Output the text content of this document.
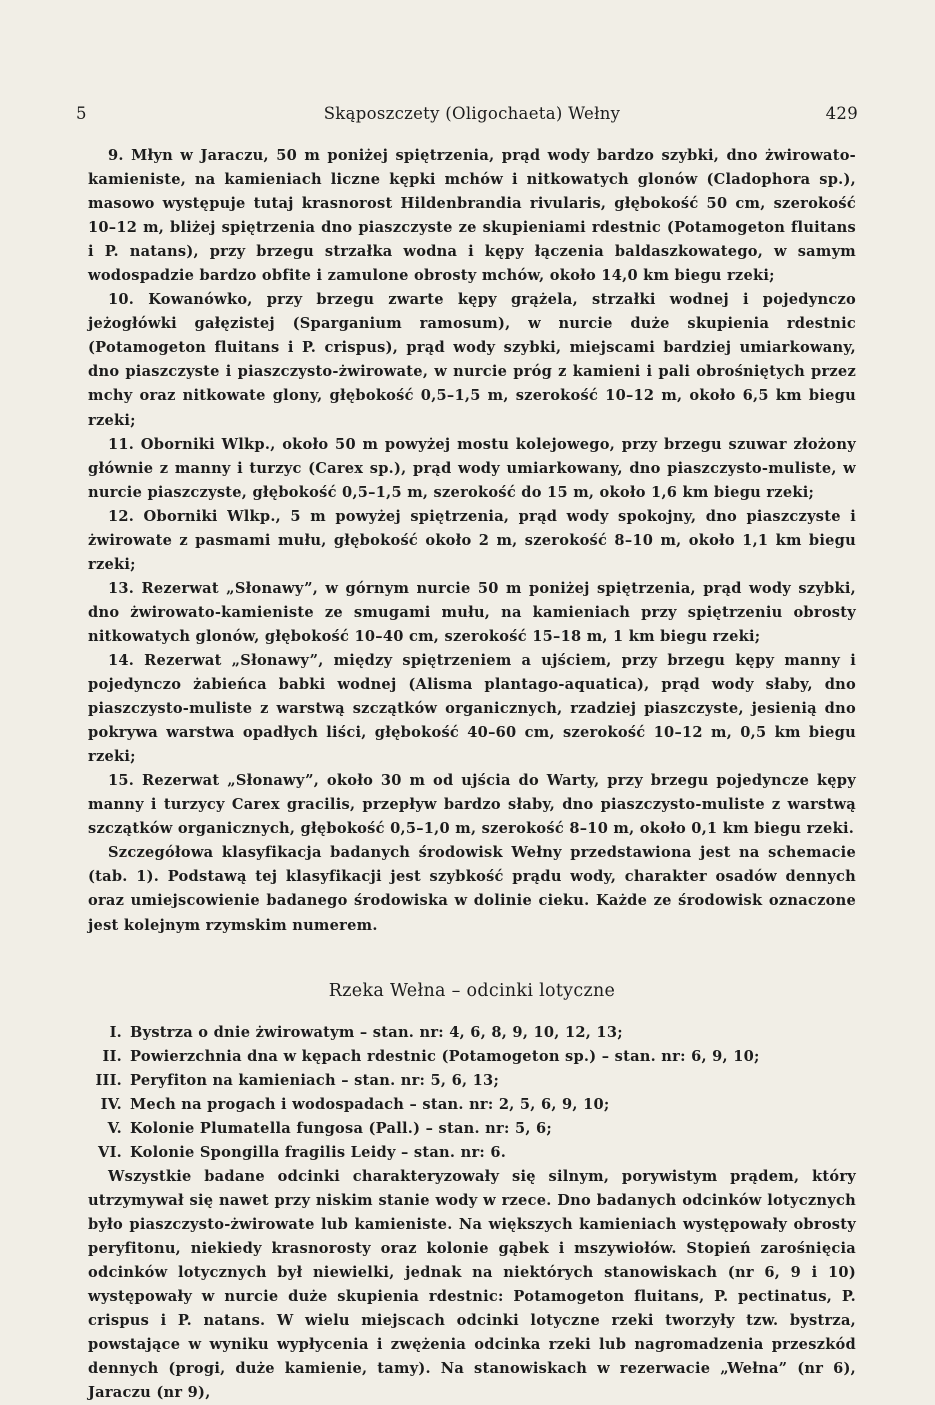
5	Skąposzczety (Oligochaeta) Wełny	429

9. Młyn w Jaraczu, 50 m poniżej spiętrzenia, prąd wody bardzo szybki, dno żwirowato-kamieniste, na kamieniach liczne kępki mchów i nitkowatych glonów (Cladophora sp.), masowo występuje tutaj krasnorost Hildenbrandia rivularis, głębokość 50 cm, szerokość 10–12 m, bliżej spiętrzenia dno piaszczyste ze skupieniami rdestnic (Potamogeton fluitans i P. natans), przy brzegu strzałka wodna i kępy łączenia baldaszkowatego, w samym wodospadzie bardzo obfite i zamulone obrosty mchów, około 14,0 km biegu rzeki;

10. Kowanówko, przy brzegu zwarte kępy grążela, strzałki wodnej i pojedynczo jeżogłówki gałęzistej (Sparganium ramosum), w nurcie duże skupienia rdestnic (Potamogeton fluitans i P. crispus), prąd wody szybki, miejscami bardziej umiarkowany, dno piaszczyste i piaszczysto-żwirowate, w nurcie próg z kamieni i pali obrośniętych przez mchy oraz nitkowate glony, głębokość 0,5–1,5 m, szerokość 10–12 m, około 6,5 km biegu rzeki;

11. Oborniki Wlkp., około 50 m powyżej mostu kolejowego, przy brzegu szuwar złożony głównie z manny i turzyc (Carex sp.), prąd wody umiarkowany, dno piaszczysto-muliste, w nurcie piaszczyste, głębokość 0,5–1,5 m, szerokość do 15 m, około 1,6 km biegu rzeki;

12. Oborniki Wlkp., 5 m powyżej spiętrzenia, prąd wody spokojny, dno piaszczyste i żwirowate z pasmami mułu, głębokość około 2 m, szerokość 8–10 m, około 1,1 km biegu rzeki;

13. Rezerwat „Słonawy”, w górnym nurcie 50 m poniżej spiętrzenia, prąd wody szybki, dno żwirowato-kamieniste ze smugami mułu, na kamieniach przy spiętrzeniu obrosty nitkowatych glonów, głębokość 10–40 cm, szerokość 15–18 m, 1 km biegu rzeki;

14. Rezerwat „Słonawy”, między spiętrzeniem a ujściem, przy brzegu kępy manny i pojedynczo żabieńca babki wodnej (Alisma plantago-aquatica), prąd wody słaby, dno piaszczysto-muliste z warstwą szczątków organicznych, rzadziej piaszczyste, jesienią dno pokrywa warstwa opadłych liści, głębokość 40–60 cm, szerokość 10–12 m, 0,5 km biegu rzeki;

15. Rezerwat „Słonawy”, około 30 m od ujścia do Warty, przy brzegu pojedyncze kępy manny i turzycy Carex gracilis, przepływ bardzo słaby, dno piaszczysto-muliste z warstwą szczątków organicznych, głębokość 0,5–1,0 m, szerokość 8–10 m, około 0,1 km biegu rzeki.

Szczegółowa klasyfikacja badanych środowisk Wełny przedstawiona jest na schemacie (tab. 1). Podstawą tej klasyfikacji jest szybkość prądu wody, charakter osadów dennych oraz umiejscowienie badanego środowiska w dolinie cieku. Każde ze środowisk oznaczone jest kolejnym rzymskim numerem.

Rzeka Wełna – odcinki lotyczne
I. Bystrza o dnie żwirowatym – stan. nr: 4, 6, 8, 9, 10, 12, 13;
II. Powierzchnia dna w kępach rdestnic (Potamogeton sp.) – stan. nr: 6, 9, 10;
III. Peryfiton na kamieniach – stan. nr: 5, 6, 13;
IV. Mech na progach i wodospadach – stan. nr: 2, 5, 6, 9, 10;
V. Kolonie Plumatella fungosa (Pall.) – stan. nr: 5, 6;
VI. Kolonie Spongilla fragilis Leidy – stan. nr: 6.

Wszystkie badane odcinki charakteryzowały się silnym, porywistym prądem, który utrzymywał się nawet przy niskim stanie wody w rzece. Dno badanych odcinków lotycznych było piaszczysto-żwirowate lub kamieniste. Na większych kamieniach występowały obrosty peryfitonu, niekiedy krasnorosty oraz kolonie gąbek i mszywiołów. Stopień zarośnięcia odcinków lotycznych był niewielki, jednak na niektórych stanowiskach (nr 6, 9 i 10) występowały w nurcie duże skupienia rdestnic: Potamogeton fluitans, P. pectinatus, P. crispus i P. natans. W wielu miejscach odcinki lotyczne rzeki tworzyły tzw. bystrza, powstające w wyniku wypłycenia i zwężenia odcinka rzeki lub nagromadzenia przeszkód dennych (progi, duże kamienie, tamy). Na stanowiskach w rezerwacie „Wełna” (nr 6), Jaraczu (nr 9),
